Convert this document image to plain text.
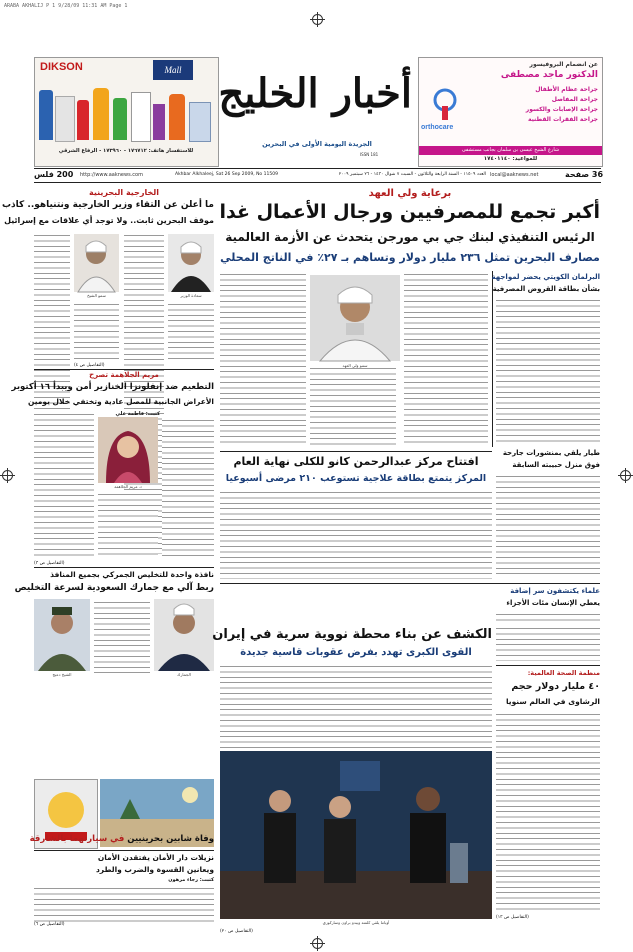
ARABA AKHALIJ P 1 9/28/09 11:31 AM Page 1
DIKSON	Mall
للاستفسار هاتف: ١٧٦٧١٢ - ١٧٣٩٦٠ - الرفاع الشرقي
أخبار الخليج
الجريدة اليومية الأولى في البحرين
ISSN 181
عن انضمام البروفيسور
الدكتور ماجد مصطفى
orthocare
جراحة عظام الأطفال
جراحة المفاصل
جراحة الإصابات والكسور
جراحة الفقرات القطنية
شارع الشيخ عيسى بن سلمان بجانب مستشفى
للمواعيد: ١٧٤٠١١٤٠
36 صفحة
local@aaknews.net
العدد ١١٥٠٩ - السنة الرابعة والثلاثون - السبت ٧ شوال ١٤٣٠ - ٢٦ سبتمبر ٢٠٠٩
Akhbar Alkhaleej, Sat 26 Sep 2009, No 11509
http://www.aaknews.com
200 فلس
الخارجية البحرينية
ما أعلن عن التقاء وزير الخارجية ونتنياهو.. كاذب
موقف البحرين ثابت.. ولا توجد أي علاقات مع إسرائيل
سمو الشيخ	سعادة الوزير
(التفاصيل ص ٤)
مريم الجلاهمة تصرح
التطعيم ضد إنفلونزا الخنازير أمن ويبدأ ١٦ أكتوبر
الأعراض الجانبية للمصل عادية وتختفي خلال يومين
كتبت: فاطمة علي
د. مريم الجلاهمة
(التفاصيل ص ٣)
نافذة واحدة للتخليص الجمركي بجميع المنافذ
ربط آلي مع جمارك السعودية لسرعة التخليص
الشيخ دعيج	الجمارك
برعاية ولي العهد
أكبر تجمع للمصرفيين ورجال الأعمال غدا
الرئيس التنفيذي لبنك جي بي مورجن يتحدث عن الأزمة العالمية
مصارف البحرين تمثل ٢٣٦ مليار دولار وتساهم بـ ٢٧٪ في الناتج المحلي
سمو ولي العهد
البرلمان الكويتي يحضر لمواجهة
بشأن بطاقة القروض المصرفية
افتتاح مركز عبدالرحمن كانو للكلى نهاية العام
المركز يتمتع بطاقة علاجية تستوعب ٢١٠ مرضى أسبوعيا
طيار يلقي بمنشورات جارحة
فوق منزل حبيبته السابقة
علماء يكتشفون سر إضافة
يعطي الإنسان مئات الأجزاء
الكشف عن بناء محطة نووية سرية في إيران
القوى الكبرى تهدد بفرض عقوبات قاسية جديدة
أوباما يلقي كلمته ويبدو براون وساركوزي
(التفاصيل ص ٢٠)
منظمة الصحة العالمية:
٤٠ مليار دولار حجم
الرشاوى في العالم سنويا
(التفاصيل ص ١٣)
نزيلات دار الأمان يفتقدن الأمان
ويعانين القسوة والضرب والطرد
كتبت: رجاء مرهون
(التفاصيل ص ٦)
وفاة شابين بحرينيين في سيارتهما بالشارقة
